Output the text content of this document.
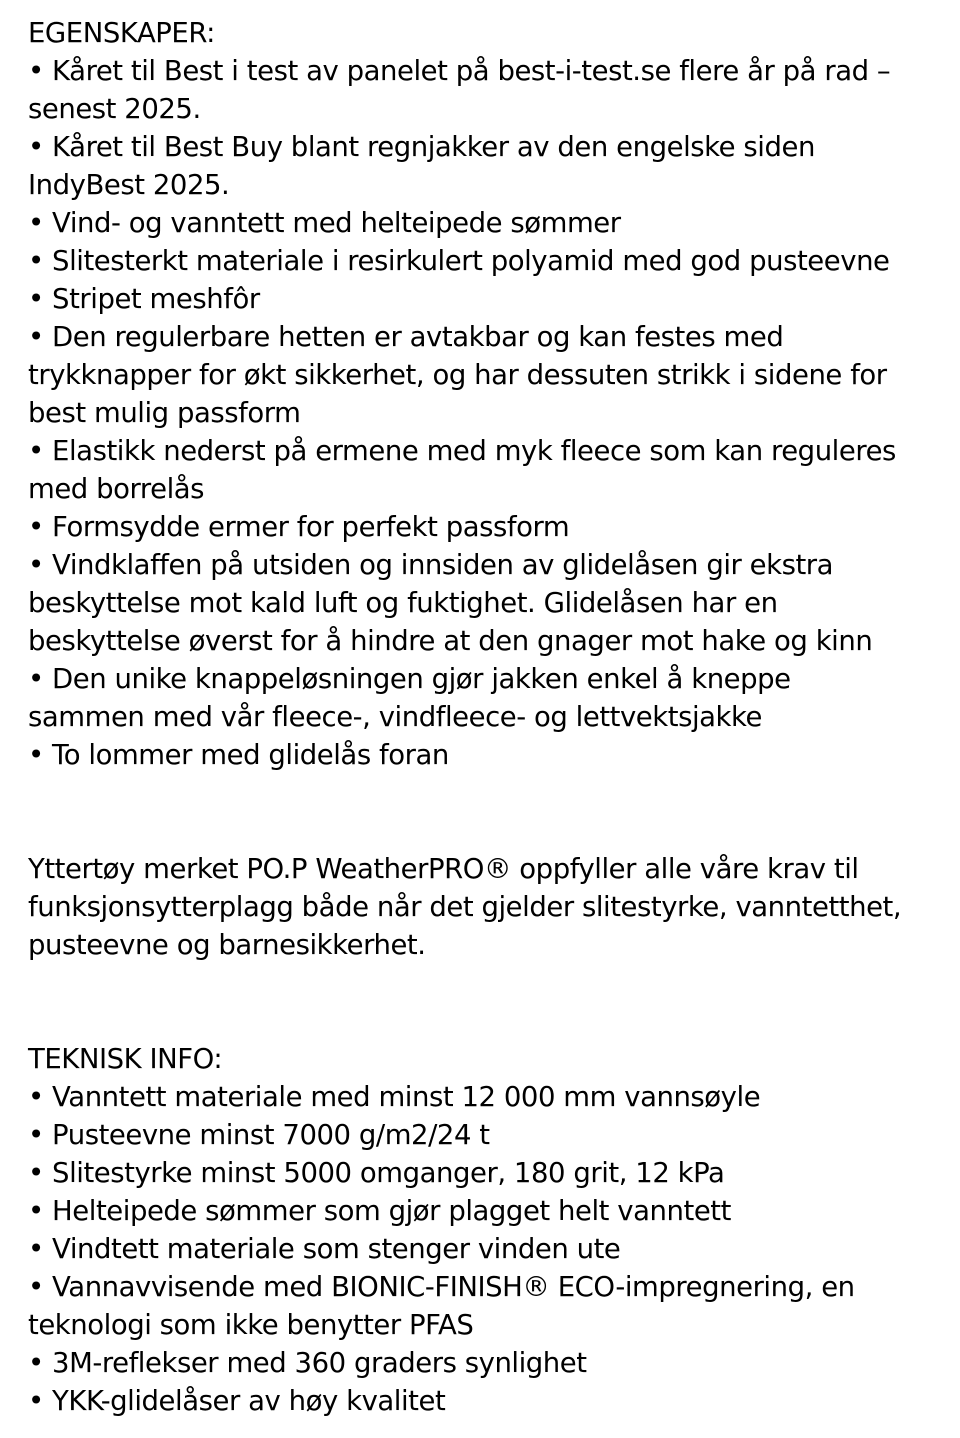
EGENSKAPER:
• Kåret til Best i test av panelet på best-i-test.se flere år på rad –
senest 2025.
• Kåret til Best Buy blant regnjakker av den engelske siden
IndyBest 2025.
• Vind- og vanntett med helteipede sømmer
• Slitesterkt materiale i resirkulert polyamid med god pusteevne
• Stripet meshfôr
• Den regulerbare hetten er avtakbar og kan festes med
trykknapper for økt sikkerhet, og har dessuten strikk i sidene for
best mulig passform
• Elastikk nederst på ermene med myk fleece som kan reguleres
med borrelås
• Formsydde ermer for perfekt passform
• Vindklaffen på utsiden og innsiden av glidelåsen gir ekstra
beskyttelse mot kald luft og fuktighet. Glidelåsen har en
beskyttelse øverst for å hindre at den gnager mot hake og kinn
• Den unike knappeløsningen gjør jakken enkel å kneppe
sammen med vår fleece-, vindfleece- og lettvektsjakke
• To lommer med glidelås foran
Yttertøy merket PO.P WeatherPRO® oppfyller alle våre krav til
funksjonsytterplagg både når det gjelder slitestyrke, vanntetthet,
pusteevne og barnesikkerhet.
TEKNISK INFO:
• Vanntett materiale med minst 12 000 mm vannsøyle
• Pusteevne minst 7000 g/m2/24 t
• Slitestyrke minst 5000 omganger, 180 grit, 12 kPa
• Helteipede sømmer som gjør plagget helt vanntett
• Vindtett materiale som stenger vinden ute
• Vannavvisende med BIONIC-FINISH® ECO-impregnering, en
teknologi som ikke benytter PFAS
• 3M-reflekser med 360 graders synlighet
• YKK-glidelåser av høy kvalitet
